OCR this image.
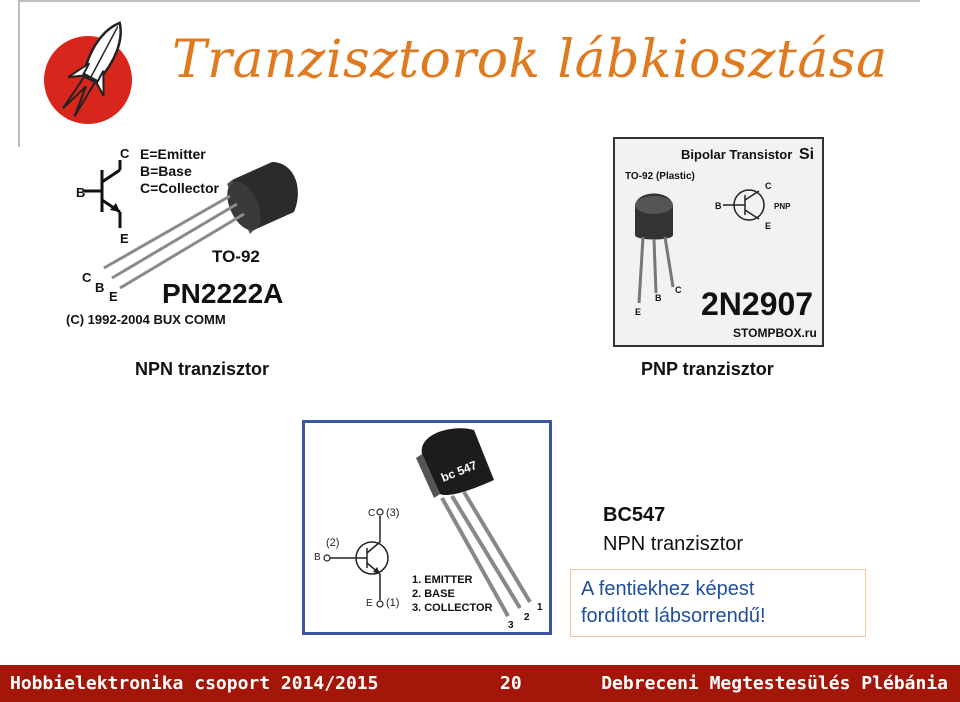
Tranzisztorok lábkiosztása
C
B
E
E=Emitter
B=Base
C=Collector
C
B
E
TO-92
PN2222A
(C) 1992-2004 BUX COMM
Bipolar Transistor Si
TO-92 (Plastic)
E
B
C
B
C
E
PNP
2N2907
STOMPBOX.ru
NPN tranzisztor	PNP tranzisztor
bc 547
1
2
3
C (3)
B
(2)
E (1)
1. EMITTER
2. BASE
3. COLLECTOR
BC547
NPN tranzisztor
A fentiekhez képest
fordított lábsorrendű!
Hobbielektronika csoport 2014/2015	20	Debreceni Megtestesülés Plébánia
